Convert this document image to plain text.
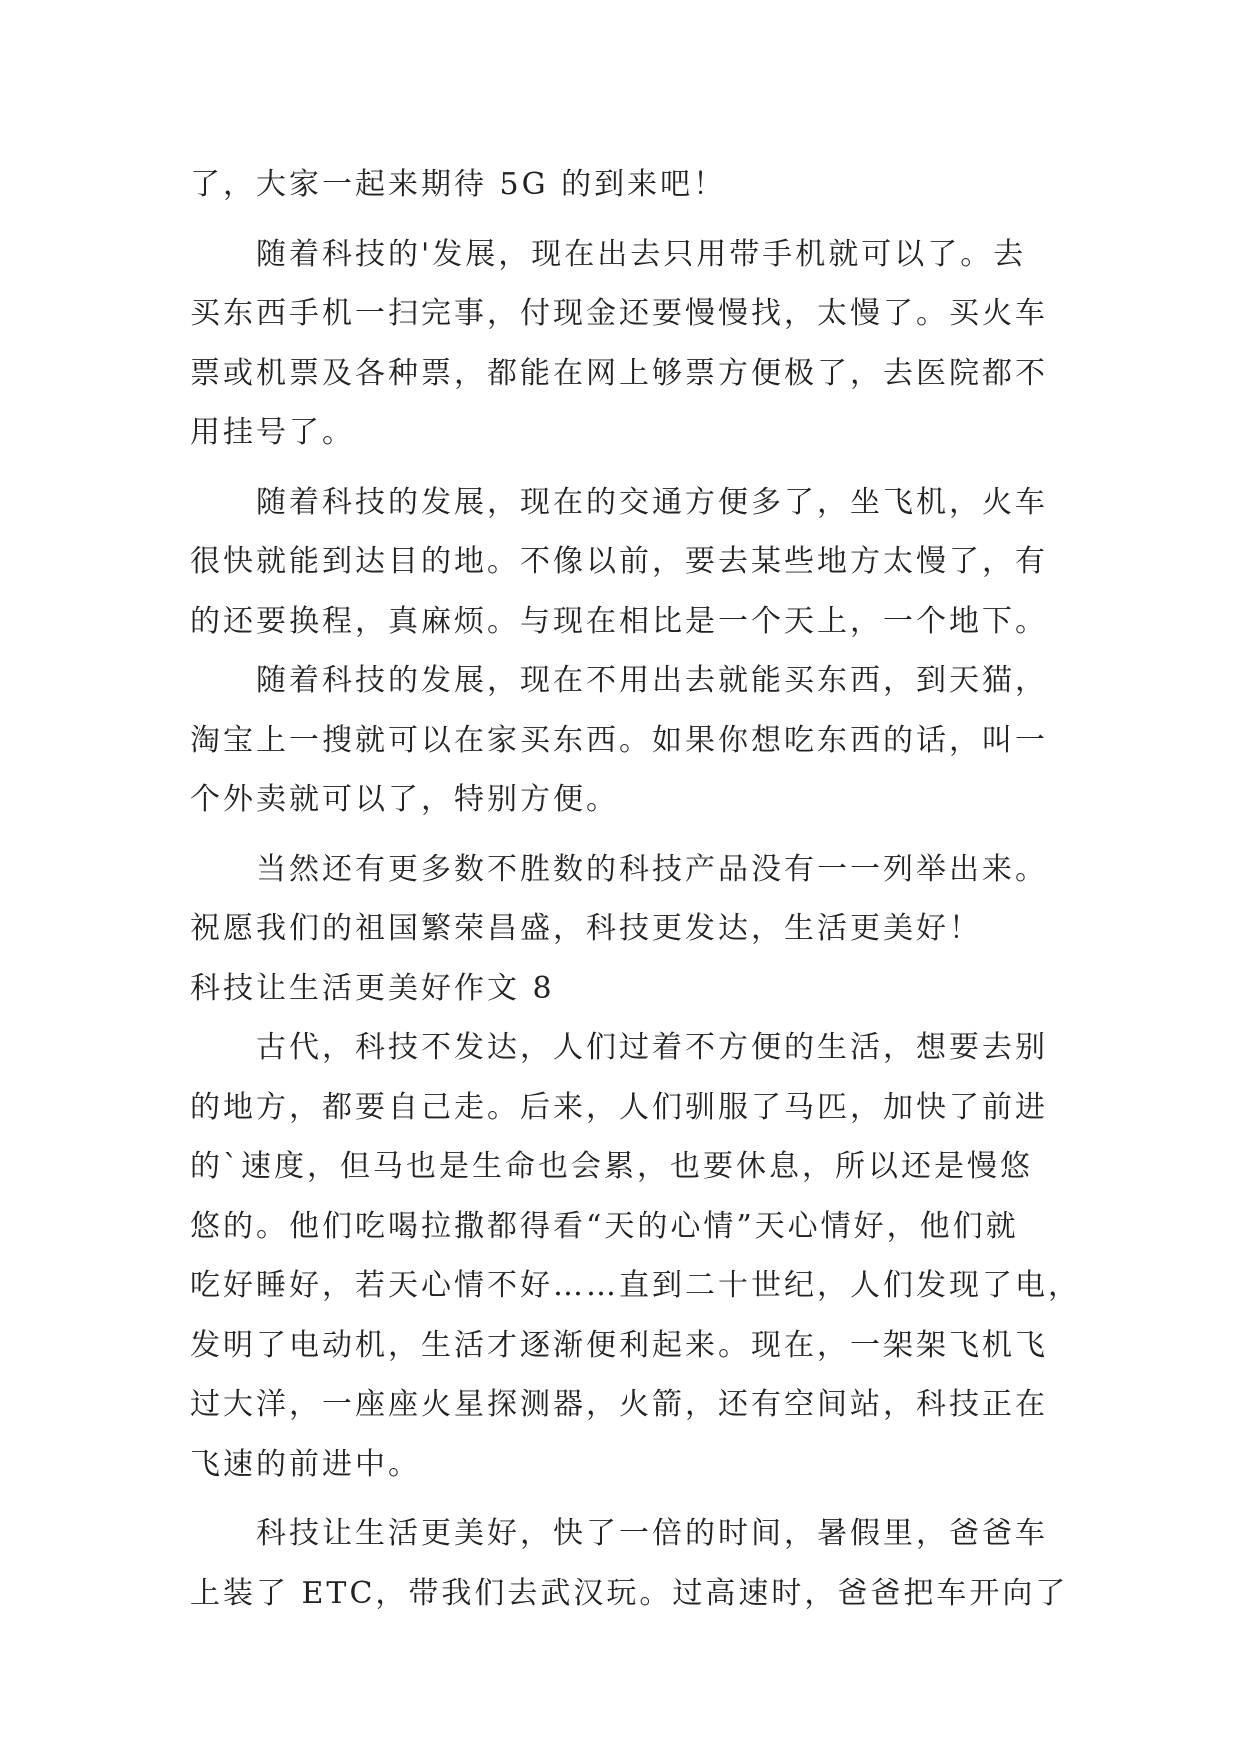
了，大家一起来期待 5G 的到来吧！

随着科技的'发展，现在出去只用带手机就可以了。去
买东西手机一扫完事，付现金还要慢慢找，太慢了。买火车
票或机票及各种票，都能在网上够票方便极了，去医院都不
用挂号了。

随着科技的发展，现在的交通方便多了，坐飞机，火车
很快就能到达目的地。不像以前，要去某些地方太慢了，有
的还要换程，真麻烦。与现在相比是一个天上，一个地下。

随着科技的发展，现在不用出去就能买东西，到天猫，
淘宝上一搜就可以在家买东西。如果你想吃东西的话，叫一
个外卖就可以了，特别方便。

当然还有更多数不胜数的科技产品没有一一列举出来。
祝愿我们的祖国繁荣昌盛，科技更发达，生活更美好！

科技让生活更美好作文 8

古代，科技不发达，人们过着不方便的生活，想要去别
的地方，都要自己走。后来，人们驯服了马匹，加快了前进
的`速度，但马也是生命也会累，也要休息，所以还是慢悠
悠的。他们吃喝拉撒都得看“天的心情”天心情好，他们就
吃好睡好，若天心情不好……直到二十世纪，人们发现了电，
发明了电动机，生活才逐渐便利起来。现在，一架架飞机飞
过大洋，一座座火星探测器，火箭，还有空间站，科技正在
飞速的前进中。

科技让生活更美好，快了一倍的时间，暑假里，爸爸车
上装了 ETC，带我们去武汉玩。过高速时，爸爸把车开向了
